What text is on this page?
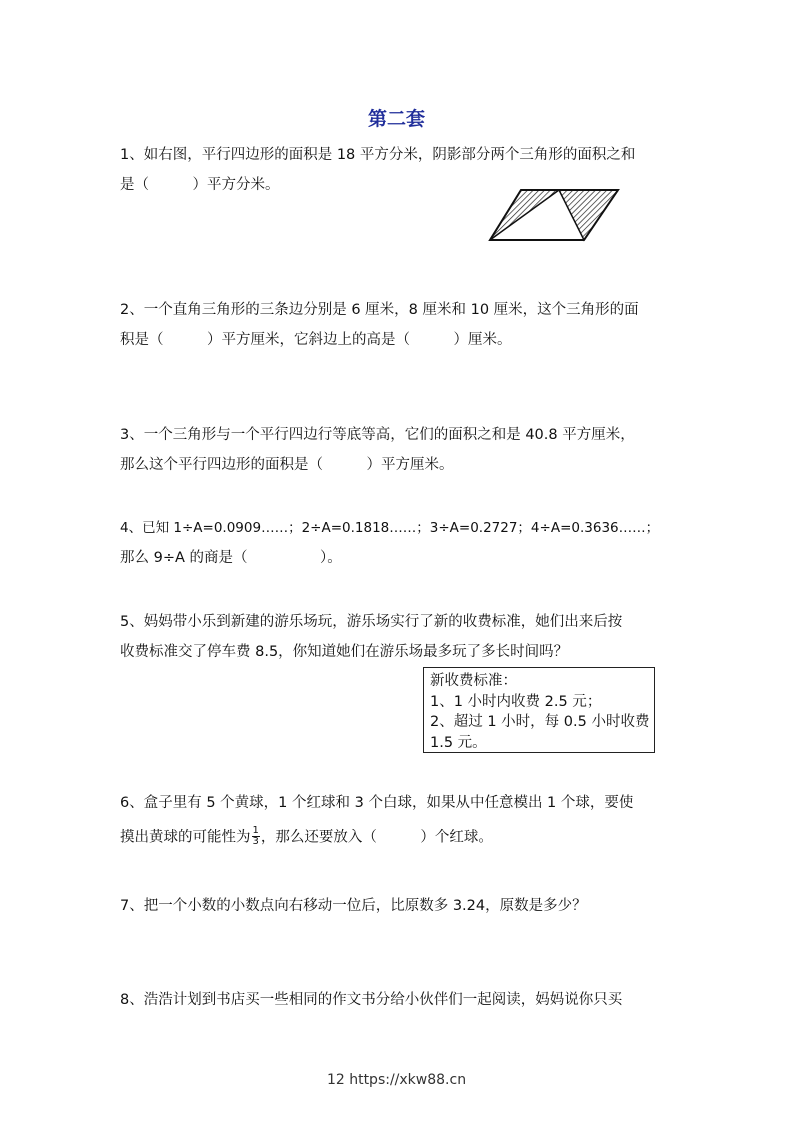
第二套
1、如右图，平行四边形的面积是 18 平方分米，阴影部分两个三角形的面积之和
是（　　　）平方分米。
2、一个直角三角形的三条边分别是 6 厘米，8 厘米和 10 厘米，这个三角形的面
积是（　　　）平方厘米，它斜边上的高是（　　　）厘米。
3、一个三角形与一个平行四边行等底等高，它们的面积之和是 40.8 平方厘米，
那么这个平行四边形的面积是（　　　）平方厘米。
4、已知 1÷A=0.0909……；2÷A=0.1818……；3÷A=0.2727；4÷A=0.3636……；
那么 9÷A 的商是（　　　　　）。
5、妈妈带小乐到新建的游乐场玩，游乐场实行了新的收费标准，她们出来后按
收费标准交了停车费 8.5，你知道她们在游乐场最多玩了多长时间吗？
新收费标准：
1、1 小时内收费 2.5 元；
2、超过 1 小时，每 0.5 小时收费
1.5 元。
6、盒子里有 5 个黄球，1 个红球和 3 个白球，如果从中任意模出 1 个球，要使
摸出黄球的可能性为 $\frac{1}{3}$ ，那么还要放入（　　　）个红球。
7、把一个小数的小数点向右移动一位后，比原数多 3.24，原数是多少？
8、浩浩计划到书店买一些相同的作文书分给小伙伴们一起阅读，妈妈说你只买
12 https://xkw88.cn
